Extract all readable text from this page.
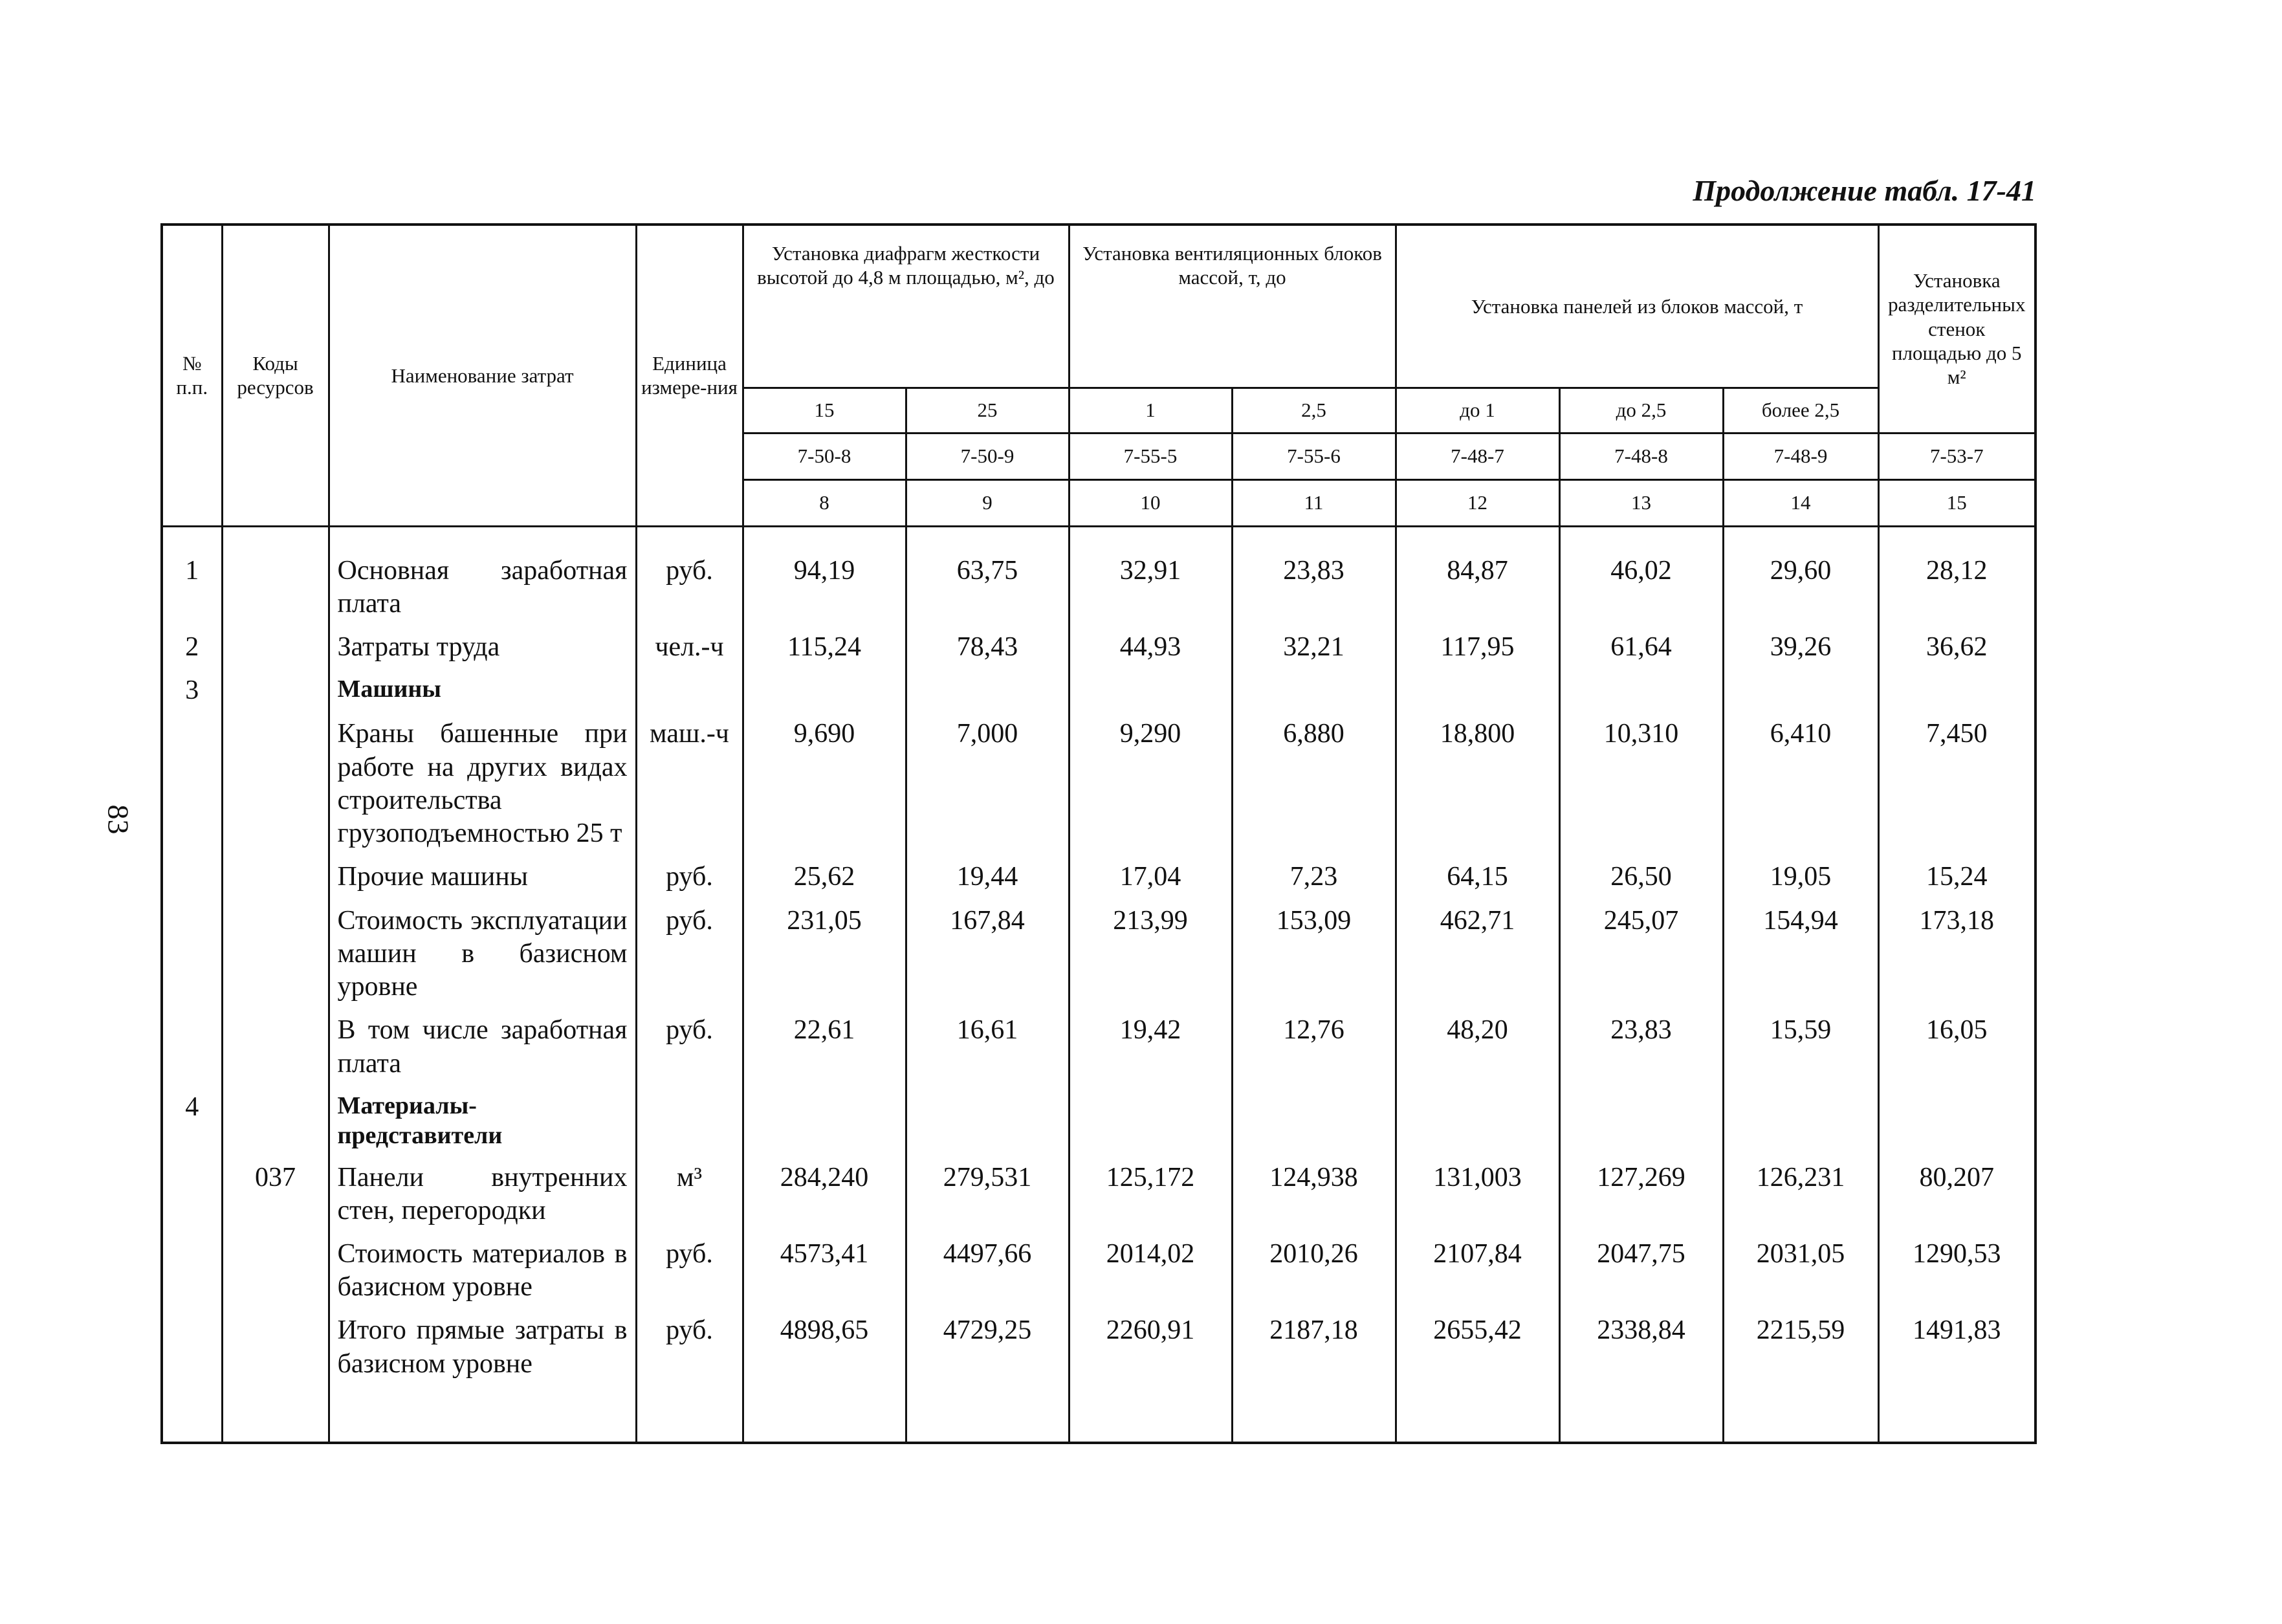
83
Продолжение табл. 17-41
№ п.п.	Коды ресурсов	Наименование затрат	Единица измере-ния	Установка диафрагм жесткости высотой до 4,8 м площадью, м², до		Установка вентиляционных блоков массой, т, до		Установка панелей из блоков массой, т			Установка разделительных стенок площадью до 5 м²
				15	25	1	2,5	до 1	до 2,5	более 2,5	
				7-50-8	7-50-9	7-55-5	7-55-6	7-48-7	7-48-8	7-48-9	7-53-7
				8	9	10	11	12	13	14	15

1		Основная заработная плата	руб.	94,19	63,75	32,91	23,83	84,87	46,02	29,60	28,12
2		Затраты труда	чел.-ч	115,24	78,43	44,93	32,21	117,95	61,64	39,26	36,62
3		Машины									
		Краны башенные при работе на других видах строительства грузоподъемностью 25 т	маш.-ч	9,690	7,000	9,290	6,880	18,800	10,310	6,410	7,450
		Прочие машины	руб.	25,62	19,44	17,04	7,23	64,15	26,50	19,05	15,24
		Стоимость эксплуатации машин в базисном уровне	руб.	231,05	167,84	213,99	153,09	462,71	245,07	154,94	173,18
		В том числе заработная плата	руб.	22,61	16,61	19,42	12,76	48,20	23,83	15,59	16,05
4		Материалы-представители									
	037	Панели внутренних стен, перегородки	м³	284,240	279,531	125,172	124,938	131,003	127,269	126,231	80,207
		Стоимость материалов в базисном уровне	руб.	4573,41	4497,66	2014,02	2010,26	2107,84	2047,75	2031,05	1290,53
		Итого прямые затраты в базисном уровне	руб.	4898,65	4729,25	2260,91	2187,18	2655,42	2338,84	2215,59	1491,83
